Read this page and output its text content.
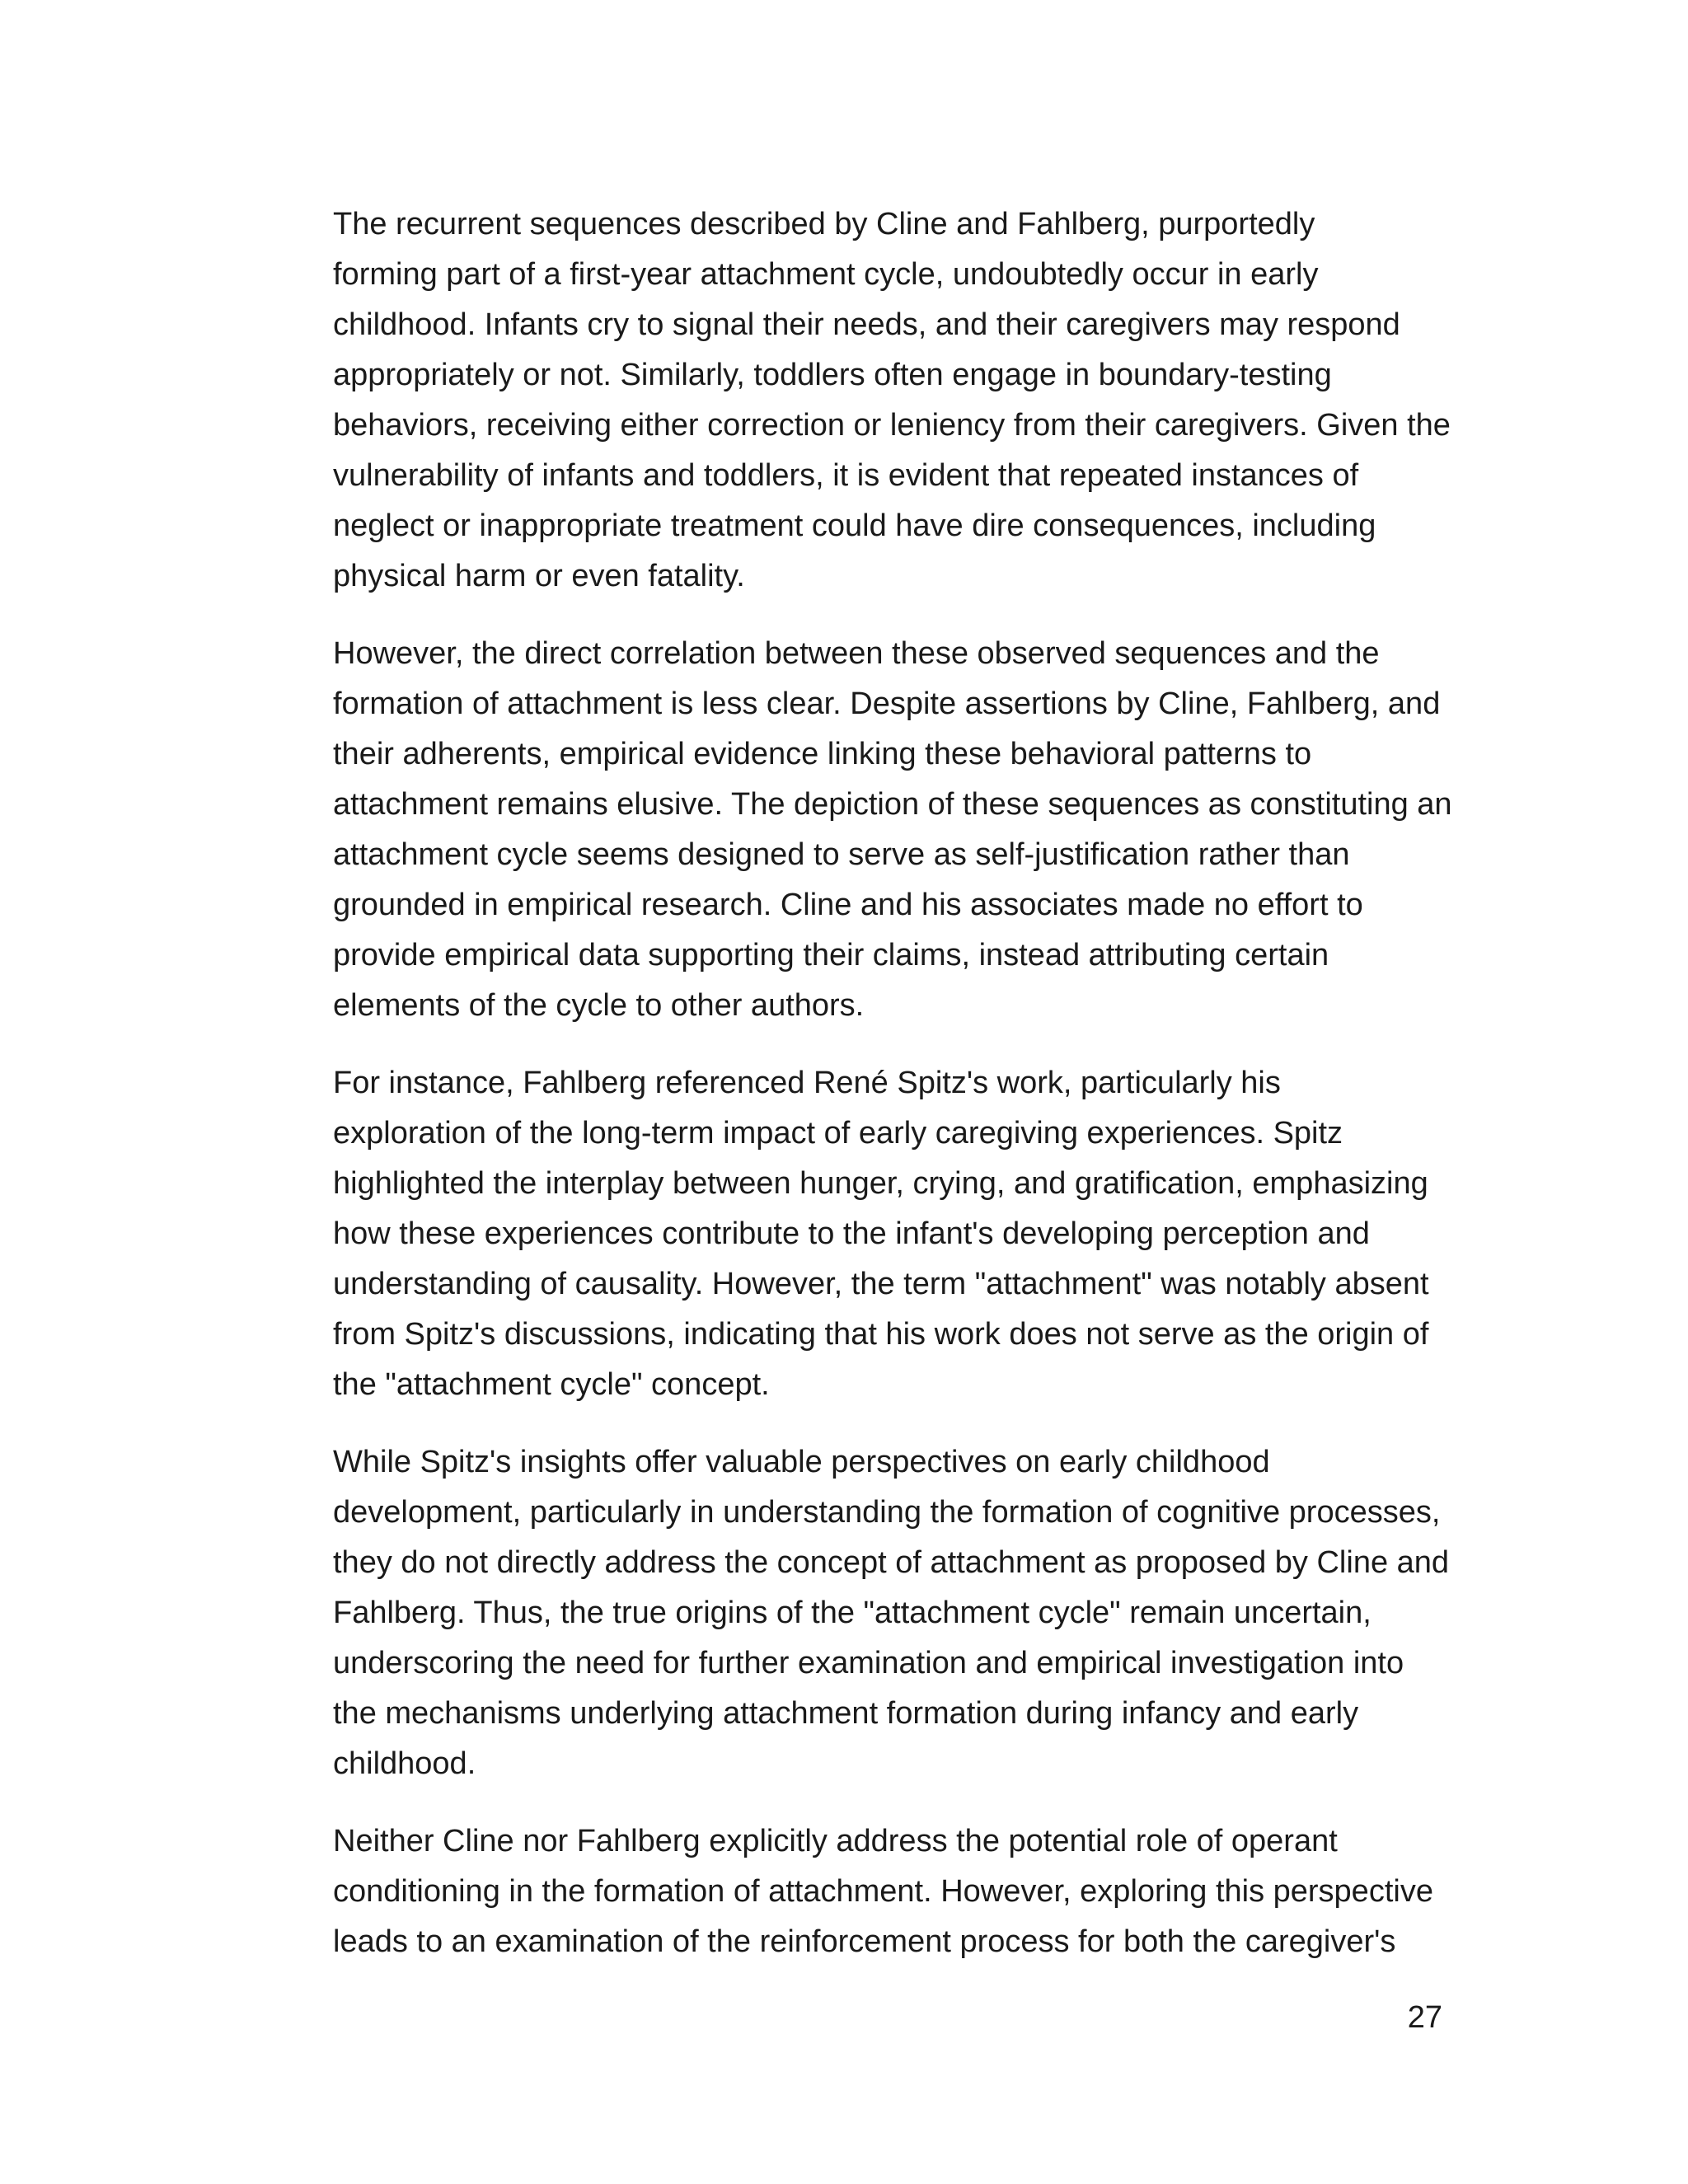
The recurrent sequences described by Cline and Fahlberg, purportedly
forming part of a first-year attachment cycle, undoubtedly occur in early
childhood. Infants cry to signal their needs, and their caregivers may respond
appropriately or not. Similarly, toddlers often engage in boundary-testing
behaviors, receiving either correction or leniency from their caregivers. Given the
vulnerability of infants and toddlers, it is evident that repeated instances of
neglect or inappropriate treatment could have dire consequences, including
physical harm or even fatality.

However, the direct correlation between these observed sequences and the
formation of attachment is less clear. Despite assertions by Cline, Fahlberg, and
their adherents, empirical evidence linking these behavioral patterns to
attachment remains elusive. The depiction of these sequences as constituting an
attachment cycle seems designed to serve as self-justification rather than
grounded in empirical research. Cline and his associates made no effort to
provide empirical data supporting their claims, instead attributing certain
elements of the cycle to other authors.

For instance, Fahlberg referenced René Spitz's work, particularly his
exploration of the long-term impact of early caregiving experiences. Spitz
highlighted the interplay between hunger, crying, and gratification, emphasizing
how these experiences contribute to the infant's developing perception and
understanding of causality. However, the term "attachment" was notably absent
from Spitz's discussions, indicating that his work does not serve as the origin of
the "attachment cycle" concept.

While Spitz's insights offer valuable perspectives on early childhood
development, particularly in understanding the formation of cognitive processes,
they do not directly address the concept of attachment as proposed by Cline and
Fahlberg. Thus, the true origins of the "attachment cycle" remain uncertain,
underscoring the need for further examination and empirical investigation into
the mechanisms underlying attachment formation during infancy and early
childhood.

Neither Cline nor Fahlberg explicitly address the potential role of operant
conditioning in the formation of attachment. However, exploring this perspective
leads to an examination of the reinforcement process for both the caregiver's

27
